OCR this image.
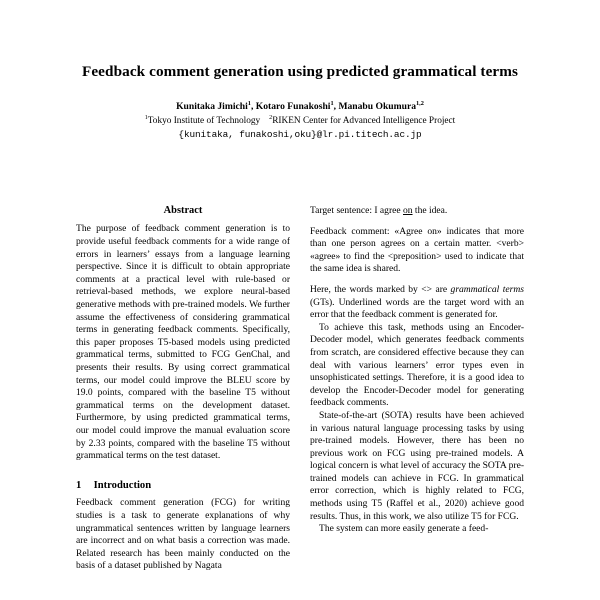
Feedback comment generation using predicted grammatical terms
Kunitaka Jimichi$^1$, Kotaro Funakoshi$^1$, Manabu Okumura$^{1,2}$
$^1$Tokyo Institute of Technology $^2$RIKEN Center for Advanced Intelligence Project
{kunitaka, funakoshi,oku}@lr.pi.titech.ac.jp
Abstract

The purpose of feedback comment generation is to provide useful feedback comments for a wide range of errors in learners’ essays from a language learning perspective. Since it is difficult to obtain appropriate comments at a practical level with rule-based or retrieval-based methods, we explore neural-based generative methods with pre-trained models. We further assume the effectiveness of considering grammatical terms in generating feedback comments. Specifically, this paper proposes T5-based models using predicted grammatical terms, submitted to FCG GenChal, and presents their results. By using correct grammatical terms, our model could improve the BLEU score by 19.0 points, compared with the baseline T5 without grammatical terms on the development dataset. Furthermore, by using predicted grammatical terms, our model could improve the manual evaluation score by 2.33 points, compared with the baseline T5 without grammatical terms on the test dataset.

1 Introduction

Feedback comment generation (FCG) for writing studies is a task to generate explanations of why ungrammatical sentences written by language learners are incorrect and on what basis a correction was made. Related research has been mainly conducted on the basis of a dataset published by Nagata

Target sentence: I agree on the idea.

Feedback comment: «Agree on» indicates that more than one person agrees on a certain matter. <verb> «agree» to find the <preposition> used to indicate that the same idea is shared.

Here, the words marked by <> are grammatical terms (GTs). Underlined words are the target word with an error that the feedback comment is generated for.

To achieve this task, methods using an Encoder-Decoder model, which generates feedback comments from scratch, are considered effective because they can deal with various learners’ error types even in unsophisticated settings. Therefore, it is a good idea to develop the Encoder-Decoder model for generating feedback comments.

State-of-the-art (SOTA) results have been achieved in various natural language processing tasks by using pre-trained models. However, there has been no previous work on FCG using pre-trained models. A logical concern is what level of accuracy the SOTA pre-trained models can achieve in FCG. In grammatical error correction, which is highly related to FCG, methods using T5 (Raffel et al., 2020) achieve good results. Thus, in this work, we also utilize T5 for FCG.

The system can more easily generate a feed-
